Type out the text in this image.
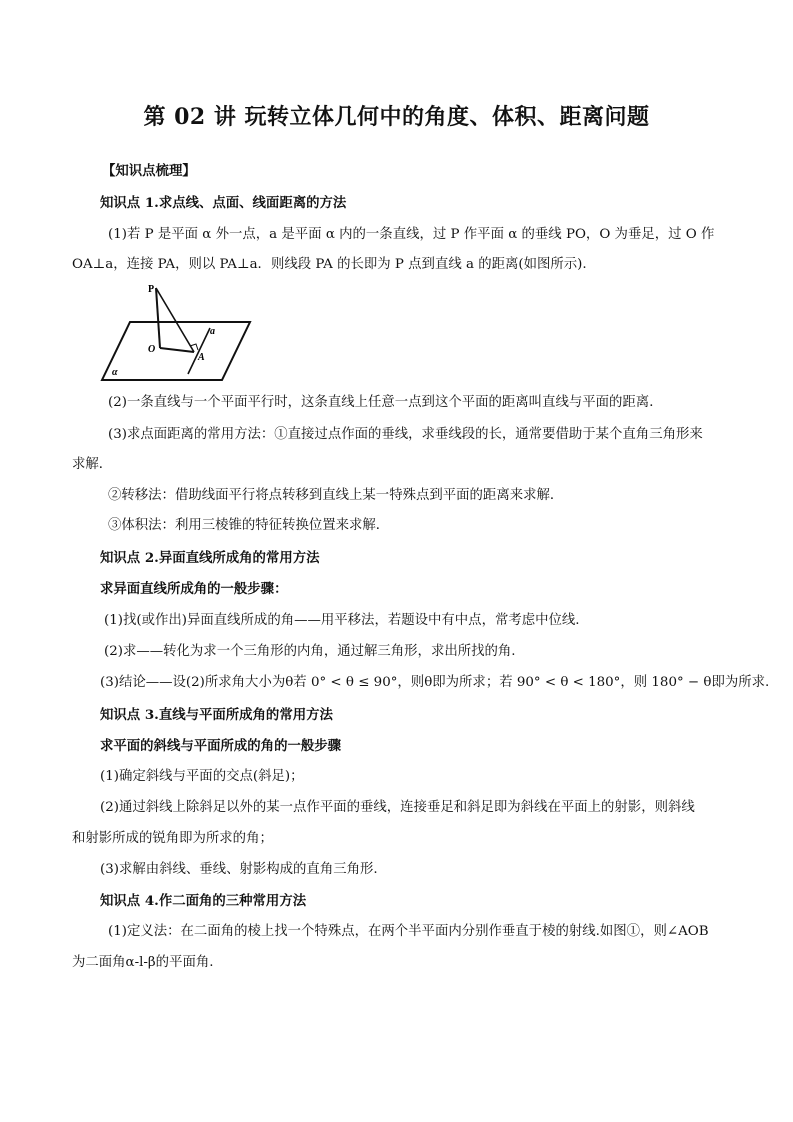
第 02 讲 玩转立体几何中的角度、体积、距离问题
【知识点梳理】
知识点 1.求点线、点面、线面距离的方法
(1)若 P 是平面 α 外一点，a 是平面 α 内的一条直线，过 P 作平面 α 的垂线 PO，O 为垂足，过 O 作
OA⊥a，连接 PA，则以 PA⊥a．则线段 PA 的长即为 P 点到直线 a 的距离(如图所示).
P
O
A
a
α
(2)一条直线与一个平面平行时，这条直线上任意一点到这个平面的距离叫直线与平面的距离．
(3)求点面距离的常用方法：①直接过点作面的垂线，求垂线段的长，通常要借助于某个直角三角形来
求解．
②转移法：借助线面平行将点转移到直线上某一特殊点到平面的距离来求解．
③体积法：利用三棱锥的特征转换位置来求解．
知识点 2.异面直线所成角的常用方法
求异面直线所成角的一般步骤：
(1)找(或作出)异面直线所成的角——用平移法，若题设中有中点，常考虑中位线.
(2)求——转化为求一个三角形的内角，通过解三角形，求出所找的角.
(3)结论——设(2)所求角大小为θ若 0° < θ ≤ 90°，则θ即为所求；若 90° < θ < 180°，则 180° − θ即为所求.
知识点 3.直线与平面所成角的常用方法
求平面的斜线与平面所成的角的一般步骤
(1)确定斜线与平面的交点(斜足)；
(2)通过斜线上除斜足以外的某一点作平面的垂线，连接垂足和斜足即为斜线在平面上的射影，则斜线
和射影所成的锐角即为所求的角；
(3)求解由斜线、垂线、射影构成的直角三角形.
知识点 4.作二面角的三种常用方法
(1)定义法：在二面角的棱上找一个特殊点，在两个半平面内分别作垂直于棱的射线.如图①，则∠AOB
为二面角α-l-β的平面角.
